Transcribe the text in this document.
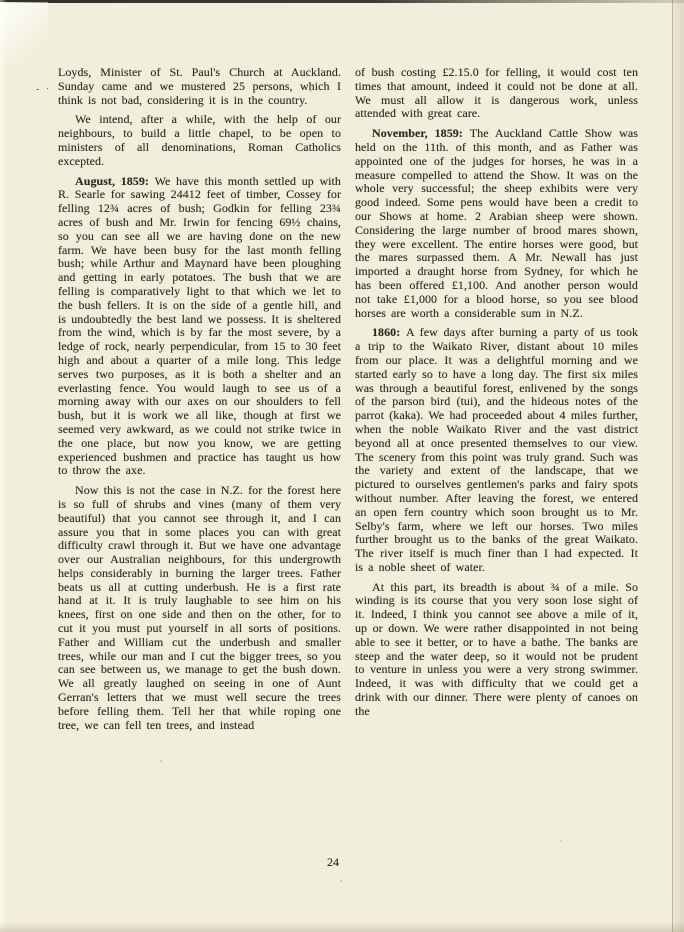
- ·

Loyds, Minister of St. Paul's Church at Auckland. Sunday came and we mustered 25 persons, which I think is not bad, considering it is in the country.

We intend, after a while, with the help of our neighbours, to build a little chapel, to be open to ministers of all denominations, Roman Catholics excepted.

August, 1859: We have this month settled up with R. Searle for sawing 24412 feet of timber, Cossey for felling 12¾ acres of bush; Godkin for felling 23¾ acres of bush and Mr. Irwin for fencing 69½ chains, so you can see all we are having done on the new farm. We have been busy for the last month felling bush; while Arthur and Maynard have been ploughing and getting in early potatoes. The bush that we are felling is comparatively light to that which we let to the bush fellers. It is on the side of a gentle hill, and is undoubtedly the best land we possess. It is sheltered from the wind, which is by far the most severe, by a ledge of rock, nearly perpendicular, from 15 to 30 feet high and about a quarter of a mile long. This ledge serves two purposes, as it is both a shelter and an everlasting fence. You would laugh to see us of a morning away with our axes on our shoulders to fell bush, but it is work we all like, though at first we seemed very awkward, as we could not strike twice in the one place, but now you know, we are getting experienced bushmen and practice has taught us how to throw the axe.

Now this is not the case in N.Z. for the forest here is so full of shrubs and vines (many of them very beautiful) that you cannot see through it, and I can assure you that in some places you can with great difficulty crawl through it. But we have one advantage over our Australian neighbours, for this undergrowth helps considerably in burning the larger trees. Father beats us all at cutting underbush. He is a first rate hand at it. It is truly laughable to see him on his knees, first on one side and then on the other, for to cut it you must put yourself in all sorts of positions. Father and William cut the underbush and smaller trees, while our man and I cut the bigger trees, so you can see between us, we manage to get the bush down. We all greatly laughed on seeing in one of Aunt Gerran's letters that we must well secure the trees before felling them. Tell her that while roping one tree, we can fell ten trees, and instead

of bush costing £2.15.0 for felling, it would cost ten times that amount, indeed it could not be done at all. We must all allow it is dangerous work, unless attended with great care.

November, 1859: The Auckland Cattle Show was held on the 11th. of this month, and as Father was appointed one of the judges for horses, he was in a measure compelled to attend the Show. It was on the whole very successful; the sheep exhibits were very good indeed. Some pens would have been a credit to our Shows at home. 2 Arabian sheep were shown. Considering the large number of brood mares shown, they were excellent. The entire horses were good, but the mares surpassed them. A Mr. Newall has just imported a draught horse from Sydney, for which he has been offered £1,100. And another person would not take £1,000 for a blood horse, so you see blood horses are worth a considerable sum in N.Z.

1860: A few days after burning a party of us took a trip to the Waikato River, distant about 10 miles from our place. It was a delightful morning and we started early so to have a long day. The first six miles was through a beautiful forest, enlivened by the songs of the parson bird (tui), and the hideous notes of the parrot (kaka). We had proceeded about 4 miles further, when the noble Waikato River and the vast district beyond all at once presented themselves to our view. The scenery from this point was truly grand. Such was the variety and extent of the landscape, that we pictured to ourselves gentlemen's parks and fairy spots without number. After leaving the forest, we entered an open fern country which soon brought us to Mr. Selby's farm, where we left our horses. Two miles further brought us to the banks of the great Waikato. The river itself is much finer than I had expected. It is a noble sheet of water.

At this part, its breadth is about ¾ of a mile. So winding is its course that you very soon lose sight of it. Indeed, I think you cannot see above a mile of it, up or down. We were rather disappointed in not being able to see it better, or to have a bathe. The banks are steep and the water deep, so it would not be prudent to venture in unless you were a very strong swimmer. Indeed, it was with difficulty that we could get a drink with our dinner. There were plenty of canoes on the

24
